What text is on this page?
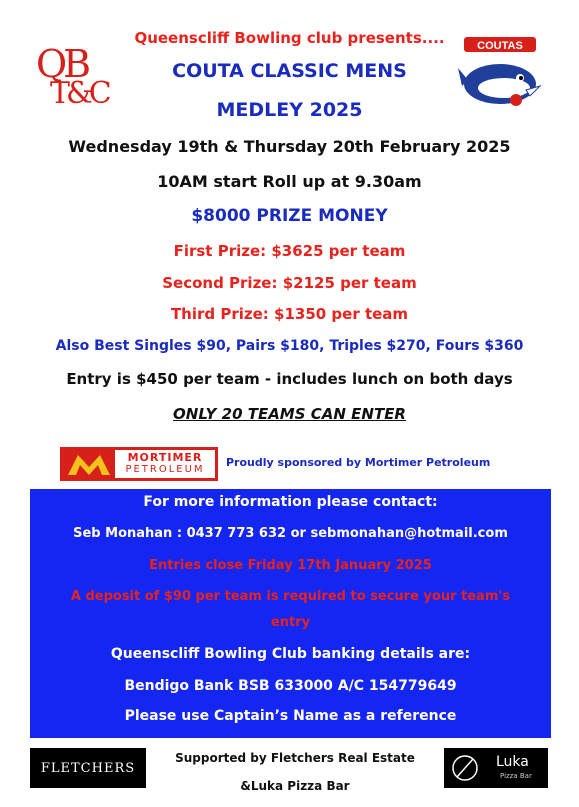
QB
T&C
COUTAS
Queenscliff Bowling club presents....
COUTA CLASSIC MENS
MEDLEY 2025
Wednesday 19th & Thursday 20th February 2025
10AM start Roll up at 9.30am
$8000 PRIZE MONEY
First Prize: $3625 per team
Second Prize: $2125 per team
Third Prize: $1350 per team
Also Best Singles $90, Pairs $180, Triples $270, Fours $360
Entry is $450 per team - includes lunch on both days
ONLY 20 TEAMS CAN ENTER
MORTIMER
PETROLEUM
Proudly sponsored by Mortimer Petroleum
For more information please contact:
Seb Monahan : 0437 773 632 or sebmonahan@hotmail.com
Entries close Friday 17th January 2025
A deposit of $90 per team is required to secure your team's
entry
Queenscliff Bowling Club banking details are:
Bendigo Bank BSB 633000 A/C 154779649
Please use Captain’s Name as a reference
FLETCHERS
Supported by Fletchers Real Estate
&Luka Pizza Bar
Luka
Pizza Bar
